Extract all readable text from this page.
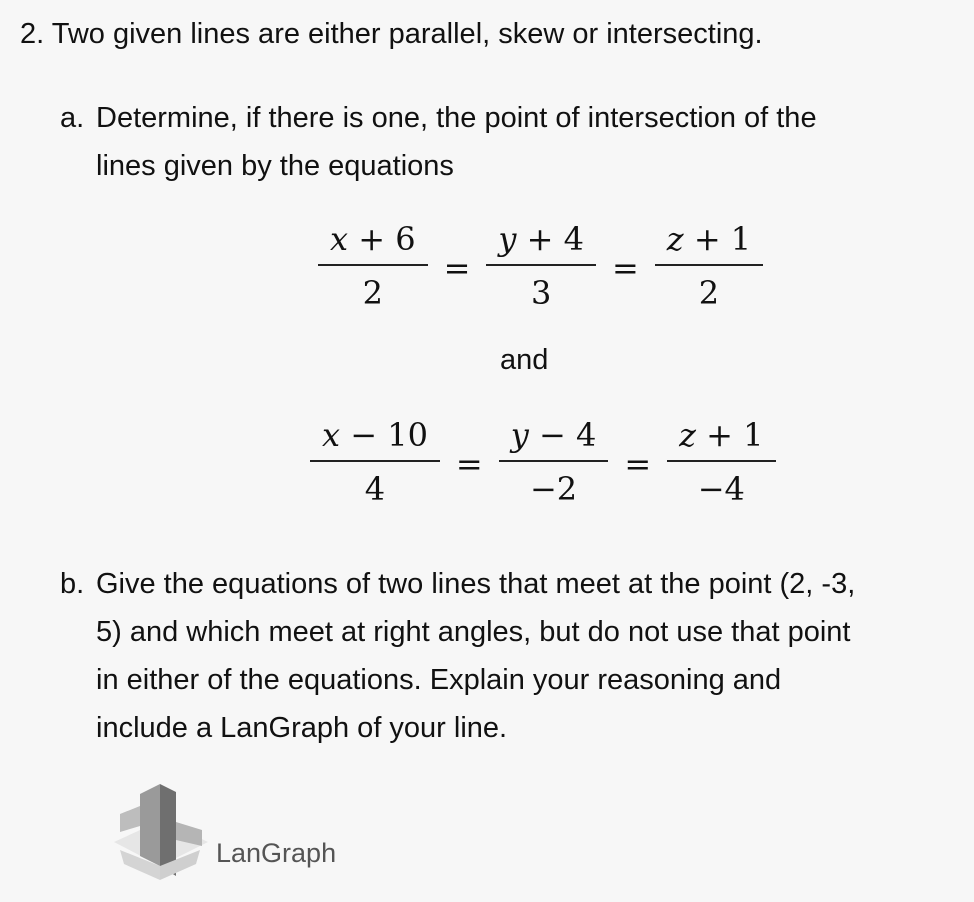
2. Two given lines are either parallel, skew or intersecting.
a. Determine, if there is one, the point of intersection of the
lines given by the equations
$\frac{x + 6}{2} = \frac{y + 4}{3} = \frac{z + 1}{2}$
and
$\frac{x - 10}{4} = \frac{y - 4}{-2} = \frac{z + 1}{-4}$
b. Give the equations of two lines that meet at the point (2, -3,
5) and which meet at right angles, but do not use that point
in either of the equations. Explain your reasoning and
include a LanGraph of your line.
LanGraph
